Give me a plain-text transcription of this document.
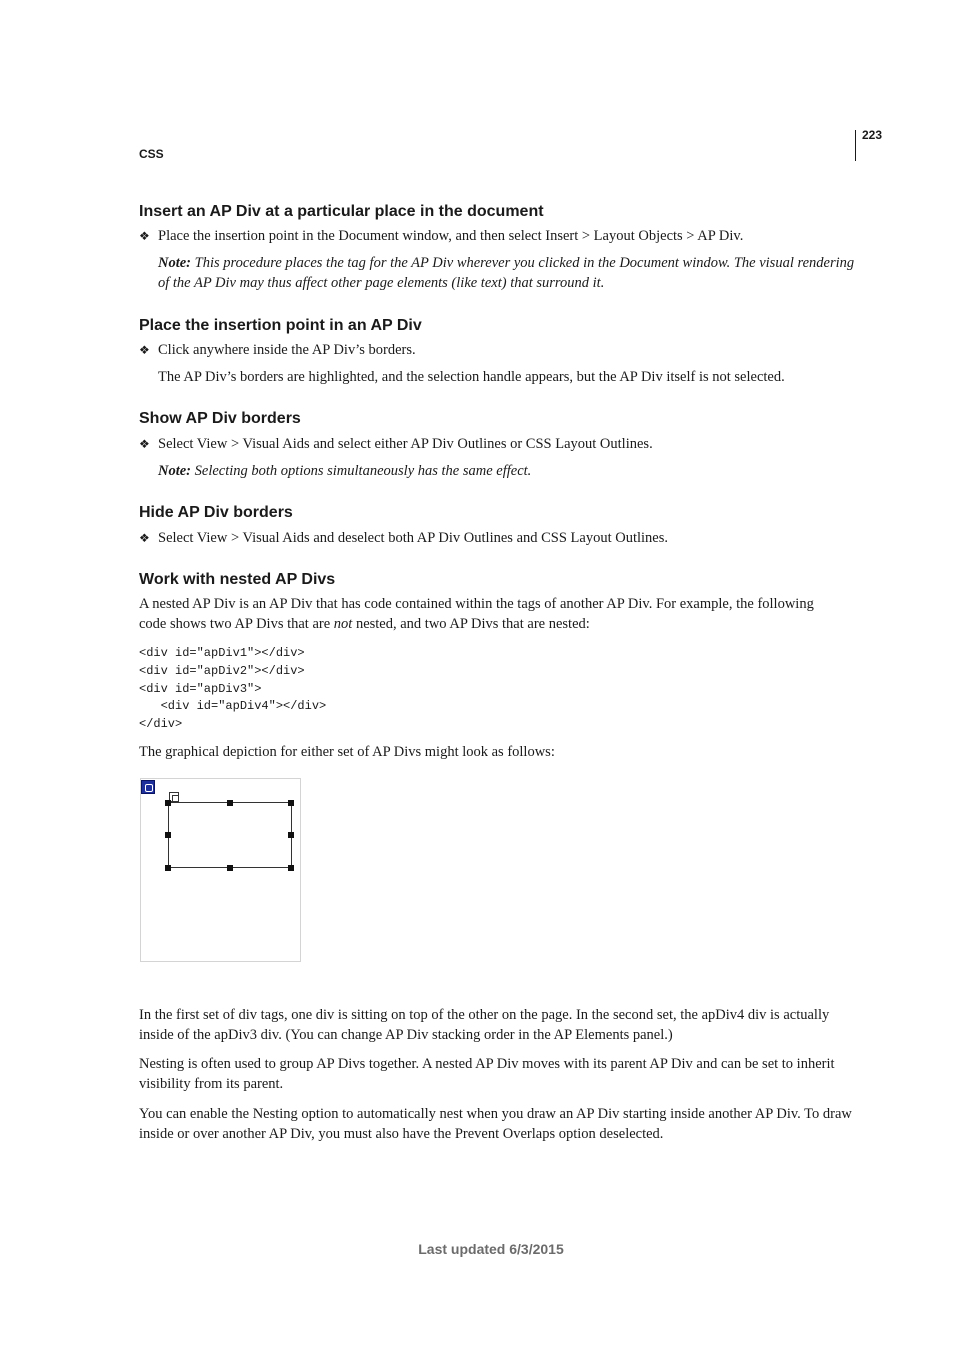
223
CSS
Insert an AP Div at a particular place in the document
❖ Place the insertion point in the Document window, and then select Insert > Layout Objects > AP Div.
Note: This procedure places the tag for the AP Div wherever you clicked in the Document window. The visual rendering
of the AP Div may thus affect other page elements (like text) that surround it.
Place the insertion point in an AP Div
❖ Click anywhere inside the AP Div’s borders.
The AP Div’s borders are highlighted, and the selection handle appears, but the AP Div itself is not selected.
Show AP Div borders
❖ Select View > Visual Aids and select either AP Div Outlines or CSS Layout Outlines.
Note: Selecting both options simultaneously has the same effect.
Hide AP Div borders
❖ Select View > Visual Aids and deselect both AP Div Outlines and CSS Layout Outlines.
Work with nested AP Divs
A nested AP Div is an AP Div that has code contained within the tags of another AP Div. For example, the following
code shows two AP Divs that are not nested, and two AP Divs that are nested:
<div id="apDiv1"></div>
<div id="apDiv2"></div>
<div id="apDiv3">
<div id="apDiv4"></div>
</div>
The graphical depiction for either set of AP Divs might look as follows:
In the first set of div tags, one div is sitting on top of the other on the page. In the second set, the apDiv4 div is actually inside of the apDiv3 div. (You can change AP Div stacking order in the AP Elements panel.)
Nesting is often used to group AP Divs together. A nested AP Div moves with its parent AP Div and can be set to inherit visibility from its parent.
You can enable the Nesting option to automatically nest when you draw an AP Div starting inside another AP Div. To draw inside or over another AP Div, you must also have the Prevent Overlaps option deselected.
Last updated 6/3/2015
